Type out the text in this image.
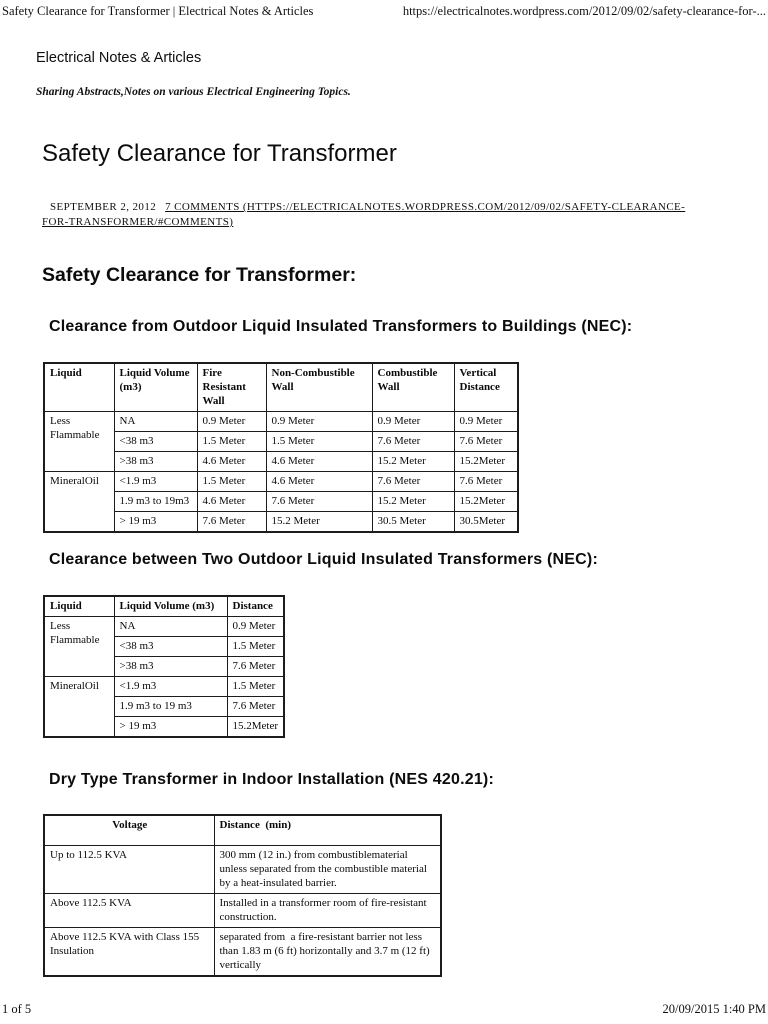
Safety Clearance for Transformer | Electrical Notes & Articles	https://electricalnotes.wordpress.com/2012/09/02/safety-clearance-for-...
Electrical Notes & Articles
Sharing Abstracts,Notes on various Electrical Engineering Topics.
Safety Clearance for Transformer

SEPTEMBER 2, 2012 7 COMMENTS (HTTPS://ELECTRICALNOTES.WORDPRESS.COM/2012/09/02/SAFETY-CLEARANCE-FOR-TRANSFORMER/#COMMENTS)

Safety Clearance for Transformer:
Clearance from Outdoor Liquid Insulated Transformers to Buildings (NEC):
Liquid	Liquid Volume (m3)	Fire Resistant Wall	Non-Combustible Wall	Combustible Wall	Vertical Distance
Less Flammable	NA	0.9 Meter	0.9 Meter	0.9 Meter	0.9 Meter
	<38 m3	1.5 Meter	1.5 Meter	7.6 Meter	7.6 Meter
	>38 m3	4.6 Meter	4.6 Meter	15.2 Meter	15.2Meter
MineralOil	<1.9 m3	1.5 Meter	4.6 Meter	7.6 Meter	7.6 Meter
	1.9 m3 to 19m3	4.6 Meter	7.6 Meter	15.2 Meter	15.2Meter
	> 19 m3	7.6 Meter	15.2 Meter	30.5 Meter	30.5Meter
Clearance between Two Outdoor Liquid Insulated Transformers (NEC):
Liquid	Liquid Volume (m3)	Distance
Less Flammable	NA	0.9 Meter
	<38 m3	1.5 Meter
	>38 m3	7.6 Meter
MineralOil	<1.9 m3	1.5 Meter
	1.9 m3 to 19 m3	7.6 Meter
	> 19 m3	15.2Meter
Dry Type Transformer in Indoor Installation (NES 420.21):
Voltage	Distance  (min)
Up to 112.5 KVA	300 mm (12 in.) from combustiblematerial unless separated from the combustible material by a heat-insulated barrier.
Above 112.5 KVA	Installed in a transformer room of fire-resistant construction.
Above 112.5 KVA with Class 155 Insulation	separated from  a fire-resistant barrier not less than 1.83 m (6 ft) horizontally and 3.7 m (12 ft) vertically
1 of 5	20/09/2015 1:40 PM
